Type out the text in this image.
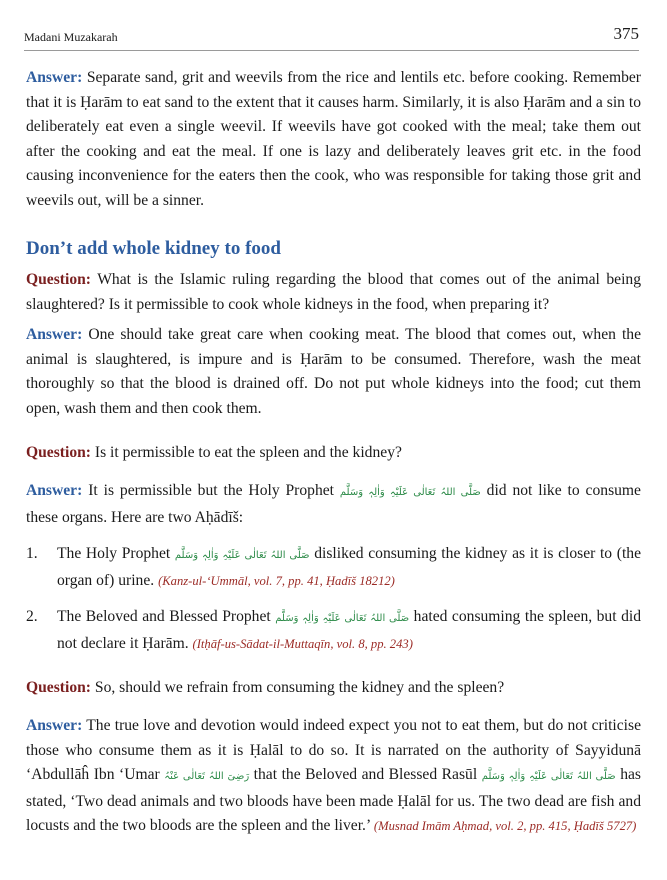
Madani Muzakarah	375

Answer: Separate sand, grit and weevils from the rice and lentils etc. before cooking. Remember that it is Ḥarām to eat sand to the extent that it causes harm. Similarly, it is also Ḥarām and a sin to deliberately eat even a single weevil. If weevils have got cooked with the meal; take them out after the cooking and eat the meal. If one is lazy and deliberately leaves grit etc. in the food causing inconvenience for the eaters then the cook, who was responsible for taking those grit and weevils out, will be a sinner.

Don’t add whole kidney to food

Question: What is the Islamic ruling regarding the blood that comes out of the animal being slaughtered? Is it permissible to cook whole kidneys in the food, when preparing it?

Answer: One should take great care when cooking meat. The blood that comes out, when the animal is slaughtered, is impure and is Ḥarām to be consumed. Therefore, wash the meat thoroughly so that the blood is drained off. Do not put whole kidneys into the food; cut them open, wash them and then cook them.

Question: Is it permissible to eat the spleen and the kidney?

Answer: It is permissible but the Holy Prophet صَلَّی اللہُ تَعَالٰی عَلَیْہِ وَاٰلِہٖ وَسَلَّم did not like to consume these organs. Here are two Aḥādīš:

1. The Holy Prophet صَلَّی اللہُ تَعَالٰی عَلَیْہِ وَاٰلِہٖ وَسَلَّم disliked consuming the kidney as it is closer to (the organ of) urine. (Kanz-ul-‘Ummāl, vol. 7, pp. 41, Ḥadīš 18212)

2. The Beloved and Blessed Prophet صَلَّی اللہُ تَعَالٰی عَلَیْہِ وَاٰلِہٖ وَسَلَّم hated consuming the spleen, but did not declare it Ḥarām. (Itḥāf-us-Sādat-il-Muttaqīn, vol. 8, pp. 243)

Question: So, should we refrain from consuming the kidney and the spleen?

Answer: The true love and devotion would indeed expect you not to eat them, but do not criticise those who consume them as it is Ḥalāl to do so. It is narrated on the authority of Sayyidunā ‘Abdullāĥ Ibn ‘Umar رَضِیَ اللہُ تَعَالٰی عَنْہُ that the Beloved and Blessed Rasūl صَلَّی اللہُ تَعَالٰی عَلَیْہِ وَاٰلِہٖ وَسَلَّم has stated, ‘Two dead animals and two bloods have been made Ḥalāl for us. The two dead are fish and locusts and the two bloods are the spleen and the liver.’ (Musnad Imām Aḥmad, vol. 2, pp. 415, Ḥadīš 5727)
